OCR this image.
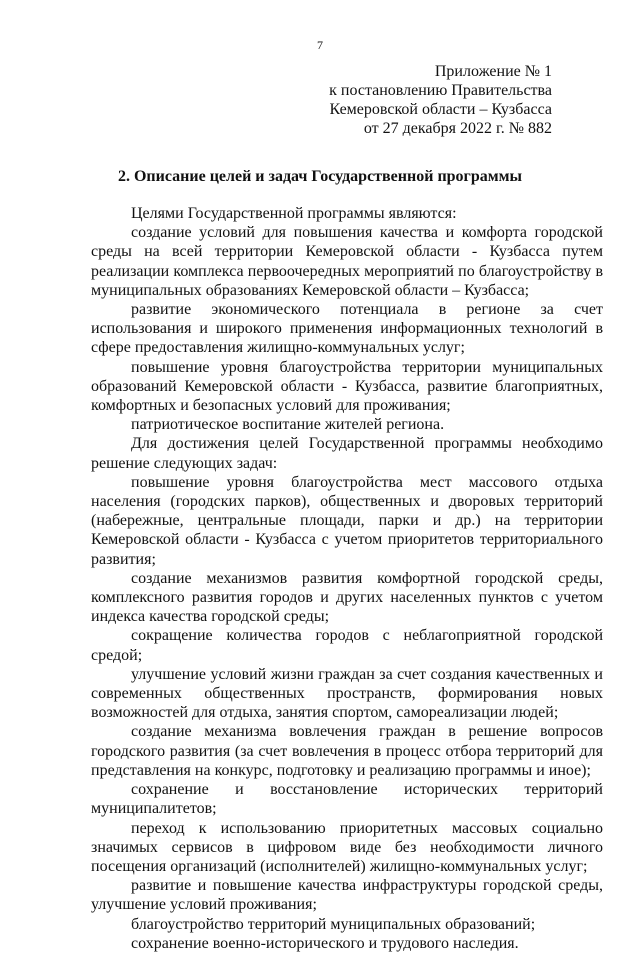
7
Приложение № 1
к постановлению Правительства
Кемеровской области – Кузбасса
от 27 декабря 2022 г. № 882
2. Описание целей и задач Государственной программы

Целями Государственной программы являются:

создание условий для повышения качества и комфорта городской среды на всей территории Кемеровской области - Кузбасса путем реализации комплекса первоочередных мероприятий по благоустройству в муниципальных образованиях Кемеровской области – Кузбасса;

развитие экономического потенциала в регионе за счет использования и широкого применения информационных технологий в сфере предоставления жилищно-коммунальных услуг;

повышение уровня благоустройства территории муниципальных образований Кемеровской области - Кузбасса, развитие благоприятных, комфортных и безопасных условий для проживания;

патриотическое воспитание жителей региона.

Для достижения целей Государственной программы необходимо решение следующих задач:

повышение уровня благоустройства мест массового отдыха населения (городских парков), общественных и дворовых территорий (набережные, центральные площади, парки и др.) на территории Кемеровской области - Кузбасса с учетом приоритетов территориального развития;

создание механизмов развития комфортной городской среды, комплексного развития городов и других населенных пунктов с учетом индекса качества городской среды;

сокращение количества городов с неблагоприятной городской средой;

улучшение условий жизни граждан за счет создания качественных и современных общественных пространств, формирования новых возможностей для отдыха, занятия спортом, самореализации людей;

создание механизма вовлечения граждан в решение вопросов городского развития (за счет вовлечения в процесс отбора территорий для представления на конкурс, подготовку и реализацию программы и иное);

сохранение и восстановление исторических территорий муниципалитетов;

переход к использованию приоритетных массовых социально значимых сервисов в цифровом виде без необходимости личного посещения организаций (исполнителей) жилищно-коммунальных услуг;

развитие и повышение качества инфраструктуры городской среды, улучшение условий проживания;

благоустройство территорий муниципальных образований;

сохранение военно-исторического и трудового наследия.
